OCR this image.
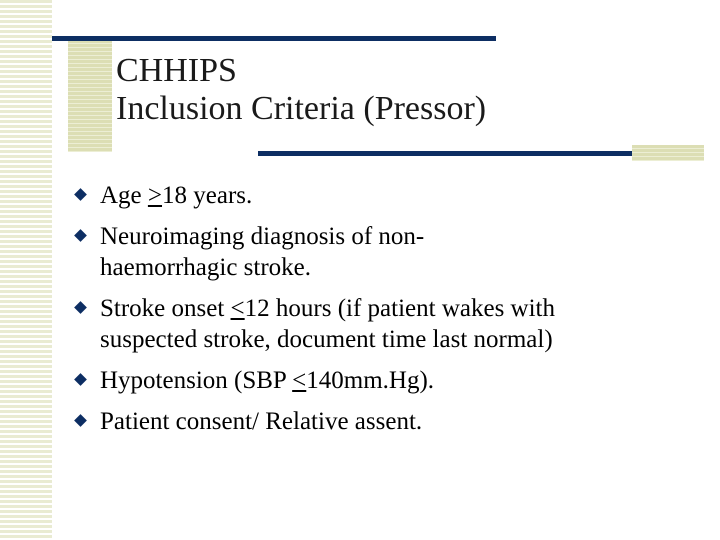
CHHIPS
Inclusion Criteria (Pressor)
Age ≥18 years.
Neuroimaging diagnosis of non-
haemorrhagic stroke.
Stroke onset ≤12 hours (if patient wakes with
suspected stroke, document time last normal)
Hypotension (SBP ≤140mm.Hg).
Patient consent/ Relative assent.
